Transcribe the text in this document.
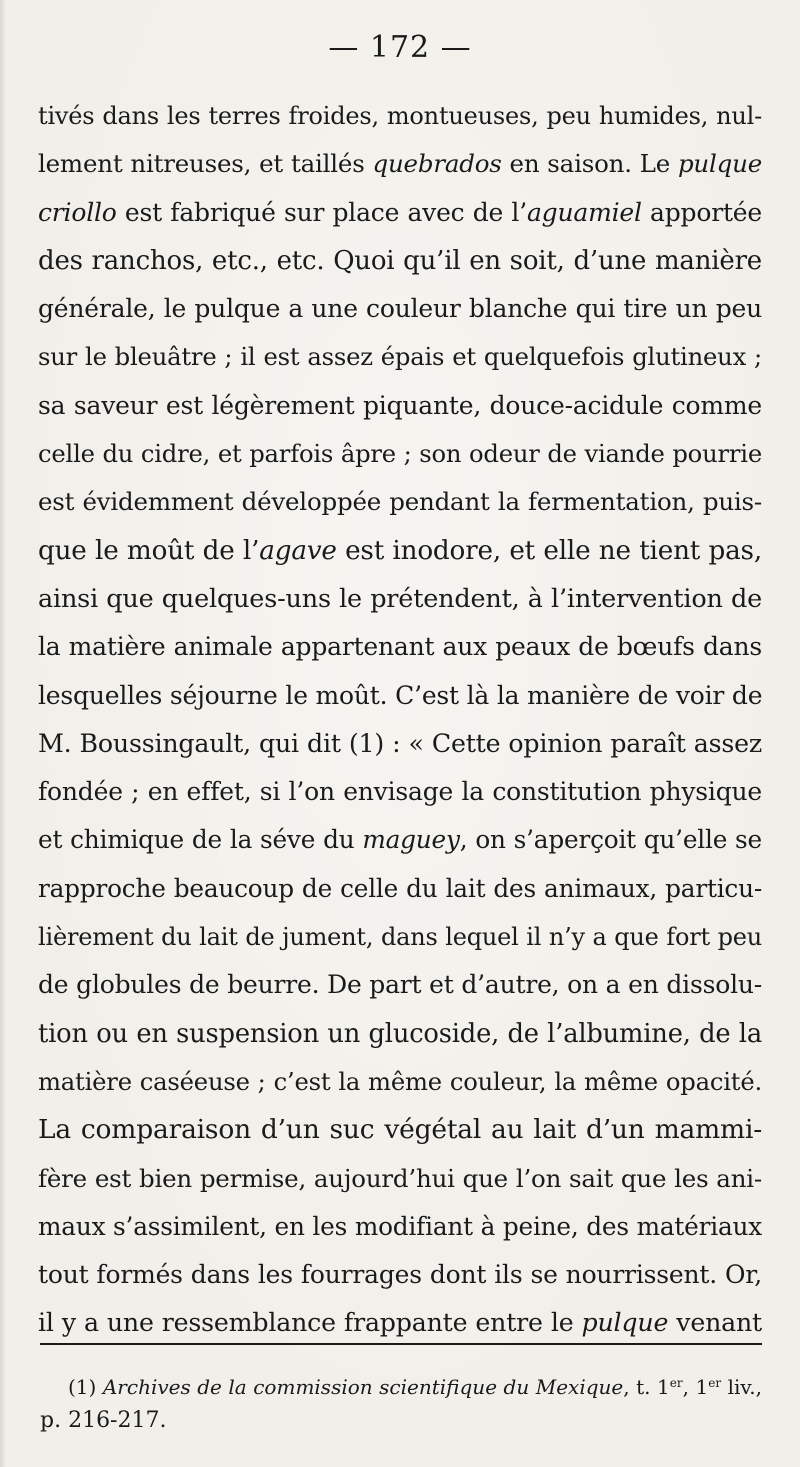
— 172 —
tivés dans les terres froides, montueuses, peu humides, nul-
lement nitreuses, et taillés quebrados en saison. Le pulque
criollo est fabriqué sur place avec de l’aguamiel apportée
des ranchos, etc., etc. Quoi qu’il en soit, d’une manière
générale, le pulque a une couleur blanche qui tire un peu
sur le bleuâtre ; il est assez épais et quelquefois glutineux ;
sa saveur est légèrement piquante, douce-acidule comme
celle du cidre, et parfois âpre ; son odeur de viande pourrie
est évidemment développée pendant la fermentation, puis-
que le moût de l’agave est inodore, et elle ne tient pas,
ainsi que quelques-uns le prétendent, à l’intervention de
la matière animale appartenant aux peaux de bœufs dans
lesquelles séjourne le moût. C’est là la manière de voir de
M. Boussingault, qui dit (1) : « Cette opinion paraît assez
fondée ; en effet, si l’on envisage la constitution physique
et chimique de la séve du maguey, on s’aperçoit qu’elle se
rapproche beaucoup de celle du lait des animaux, particu-
lièrement du lait de jument, dans lequel il n’y a que fort peu
de globules de beurre. De part et d’autre, on a en dissolu-
tion ou en suspension un glucoside, de l’albumine, de la
matière caséeuse ; c’est la même couleur, la même opacité.
La comparaison d’un suc végétal au lait d’un mammi-
fère est bien permise, aujourd’hui que l’on sait que les ani-
maux s’assimilent, en les modifiant à peine, des matériaux
tout formés dans les fourrages dont ils se nourrissent. Or,
il y a une ressemblance frappante entre le pulque venant
(1) Archives de la commission scientifique du Mexique, t. 1er, 1er liv.,
p. 216-217.
